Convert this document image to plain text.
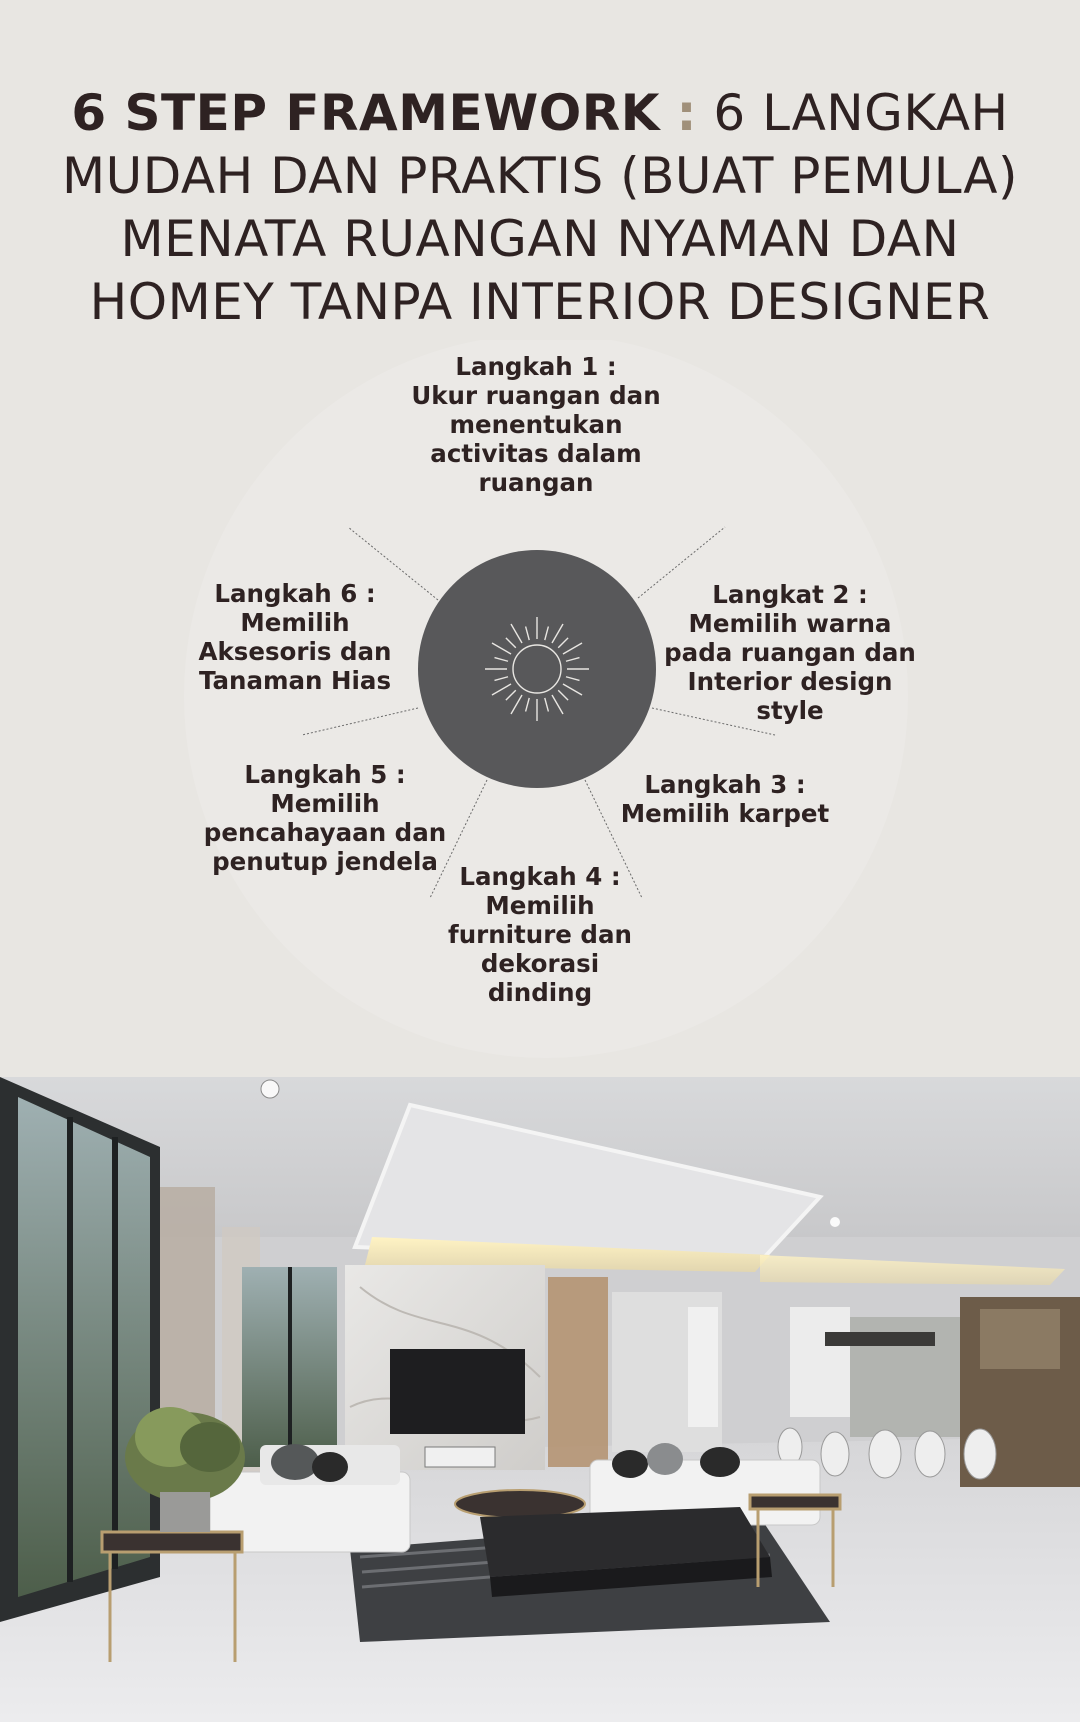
6 STEP FRAMEWORK : 6 LANGKAH
MUDAH DAN PRAKTIS (BUAT PEMULA)
MENATA RUANGAN NYAMAN DAN
HOMEY TANPA INTERIOR DESIGNER
Langkah 1 :
Ukur ruangan dan
menentukan
activitas dalam
ruangan
Langkat 2 :
Memilih warna
pada ruangan dan
Interior design
style
Langkah 3 :
Memilih karpet
Langkah 4 :
Memilih
furniture dan
dekorasi
dinding
Langkah 5 :
Memilih
pencahayaan dan
penutup jendela
Langkah 6 :
Memilih
Aksesoris dan
Tanaman Hias
